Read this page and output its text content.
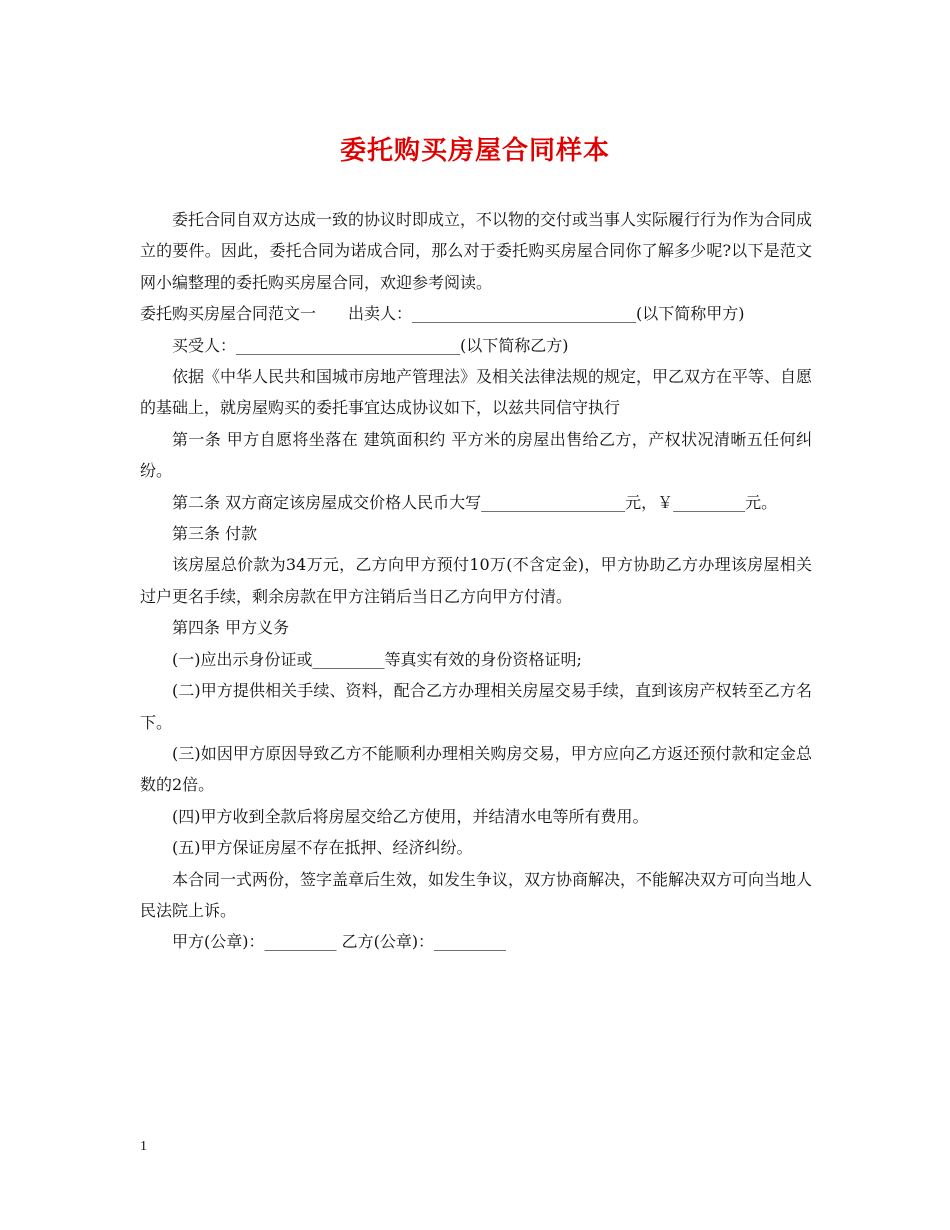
委托购买房屋合同样本

委托合同自双方达成一致的协议时即成立，不以物的交付或当事人实际履行行为作为合同成立的要件。因此，委托合同为诺成合同，那么对于委托购买房屋合同你了解多少呢?以下是范文网小编整理的委托购买房屋合同，欢迎参考阅读。

委托购买房屋合同范文一　　出卖人：____________________________(以下简称甲方)

买受人：____________________________(以下简称乙方)

依据《中华人民共和国城市房地产管理法》及相关法律法规的规定，甲乙双方在平等、自愿的基础上，就房屋购买的委托事宜达成协议如下，以兹共同信守执行

第一条 甲方自愿将坐落在 建筑面积约 平方米的房屋出售给乙方，产权状况清晰五任何纠纷。

第二条 双方商定该房屋成交价格人民币大写__________________元，￥_________元。

第三条 付款

该房屋总价款为34万元，乙方向甲方预付10万(不含定金)，甲方协助乙方办理该房屋相关过户更名手续，剩余房款在甲方注销后当日乙方向甲方付清。

第四条 甲方义务

(一)应出示身份证或_________等真实有效的身份资格证明;

(二)甲方提供相关手续、资料，配合乙方办理相关房屋交易手续，直到该房产权转至乙方名下。

(三)如因甲方原因导致乙方不能顺利办理相关购房交易，甲方应向乙方返还预付款和定金总数的2倍。

(四)甲方收到全款后将房屋交给乙方使用，并结清水电等所有费用。

(五)甲方保证房屋不存在抵押、经济纠纷。

本合同一式两份，签字盖章后生效，如发生争议，双方协商解决，不能解决双方可向当地人民法院上诉。

甲方(公章)：_________ 乙方(公章)：_________

1
